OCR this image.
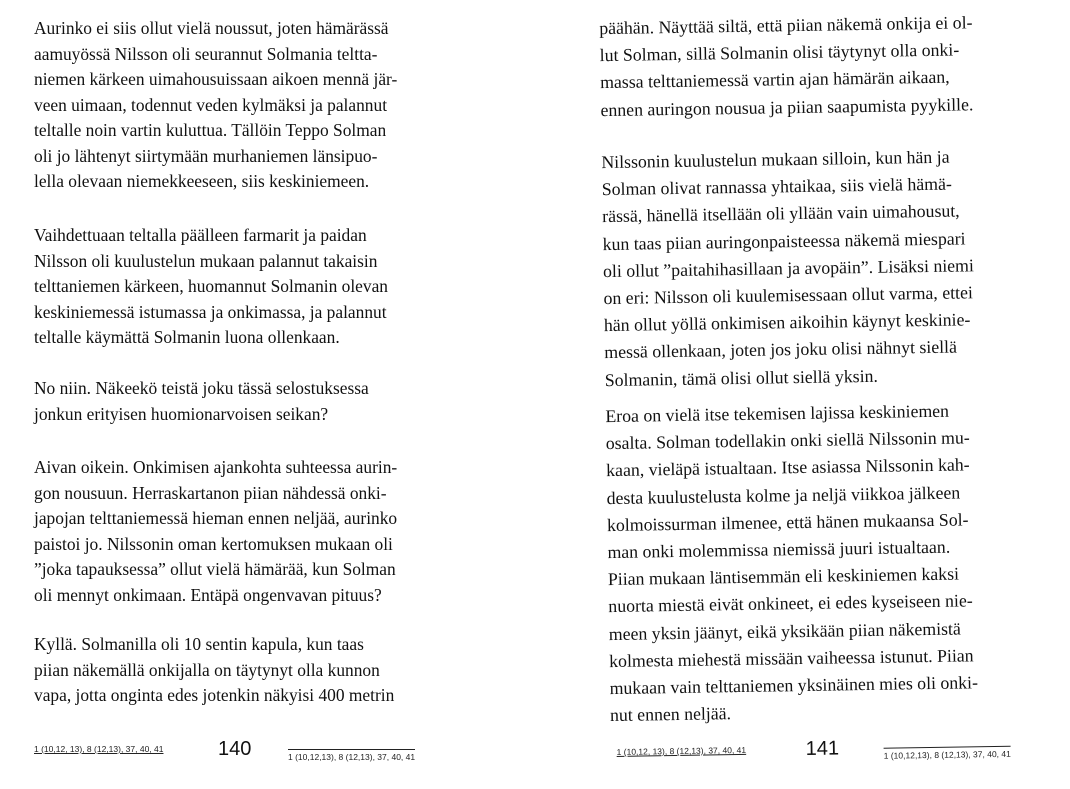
Aurinko ei siis ollut vielä noussut, joten hämärässä
aamuyössä Nilsson oli seurannut Solmania teltta-
niemen kärkeen uimahousuissaan aikoen mennä jär-
veen uimaan, todennut veden kylmäksi ja palannut
teltalle noin vartin kuluttua. Tällöin Teppo Solman
oli jo lähtenyt siirtymään murhaniemen länsipuo-
lella olevaan niemekkeeseen, siis keskiniemeen.

Vaihdettuaan teltalla päälleen farmarit ja paidan
Nilsson oli kuulustelun mukaan palannut takaisin
telttaniemen kärkeen, huomannut Solmanin olevan
keskiniemessä istumassa ja onkimassa, ja palannut
teltalle käymättä Solmanin luona ollenkaan.

No niin. Näkeekö teistä joku tässä selostuksessa
jonkun erityisen huomionarvoisen seikan?

Aivan oikein. Onkimisen ajankohta suhteessa aurin-
gon nousuun. Herraskartanon piian nähdessä onki-
japojan telttaniemessä hieman ennen neljää, aurinko
paistoi jo. Nilssonin oman kertomuksen mukaan oli
”joka tapauksessa” ollut vielä hämärää, kun Solman
oli mennyt onkimaan. Entäpä ongenvavan pituus?

Kyllä. Solmanilla oli 10 sentin kapula, kun taas
piian näkemällä onkijalla on täytynyt olla kunnon
vapa, jotta onginta edes jotenkin näkyisi 400 metrin

1 (10,12, 13), 8 (12,13), 37, 40, 41	140	1 (10,12,13), 8 (12,13), 37, 40, 41

päähän. Näyttää siltä, että piian näkemä onkija ei ol-
lut Solman, sillä Solmanin olisi täytynyt olla onki-
massa telttaniemessä vartin ajan hämärän aikaan,
ennen auringon nousua ja piian saapumista pyykille.

Nilssonin kuulustelun mukaan silloin, kun hän ja
Solman olivat rannassa yhtaikaa, siis vielä hämä-
rässä, hänellä itsellään oli yllään vain uimahousut,
kun taas piian auringonpaisteessa näkemä miespari
oli ollut ”paitahihasillaan ja avopäin”. Lisäksi niemi
on eri: Nilsson oli kuulemisessaan ollut varma, ettei
hän ollut yöllä onkimisen aikoihin käynyt keskinie-
messä ollenkaan, joten jos joku olisi nähnyt siellä
Solmanin, tämä olisi ollut siellä yksin.

Eroa on vielä itse tekemisen lajissa keskiniemen
osalta. Solman todellakin onki siellä Nilssonin mu-
kaan, vieläpä istualtaan. Itse asiassa Nilssonin kah-
desta kuulustelusta kolme ja neljä viikkoa jälkeen
kolmoissurman ilmenee, että hänen mukaansa Sol-
man onki molemmissa niemissä juuri istualtaan.
Piian mukaan läntisemmän eli keskiniemen kaksi
nuorta miestä eivät onkineet, ei edes kyseiseen nie-
meen yksin jäänyt, eikä yksikään piian näkemistä
kolmesta miehestä missään vaiheessa istunut. Piian
mukaan vain telttaniemen yksinäinen mies oli onki-
nut ennen neljää.

1 (10,12, 13), 8 (12,13), 37, 40, 41	141	1 (10,12,13), 8 (12,13), 37, 40, 41
